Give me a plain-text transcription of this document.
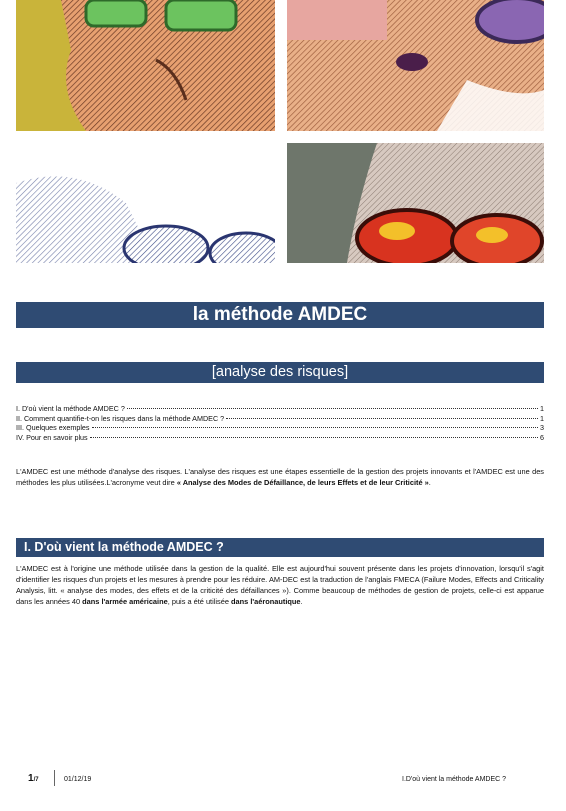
la méthode AMDEC
[analyse des risques]
I. D'où vient la méthode AMDEC ?	1
II. Comment quantifie-t-on les risques dans la méthode AMDEC ?	1
III. Quelques exemples	3
IV. Pour en savoir plus	6
L'AMDEC est une méthode d'analyse des risques. L'analyse des risques est une étapes essentielle de la gestion des projets innovants et l'AMDEC est une des méthodes les plus utilisées.L'acronyme veut dire « Analyse des Modes de Défaillance, de leurs Effets et de leur Criticité ».
I. D'où vient la méthode AMDEC ?
L'AMDEC est à l'origine une méthode utilisée dans la gestion de la qualité. Elle est aujourd'hui souvent présente dans les projets d'innovation, lorsqu'il s'agit d'identifier les risques d'un projets et les mesures à prendre pour les réduire. AM-DEC est la traduction de l'anglais FMECA (Failure Modes, Effects and Criticality Analysis, litt. « analyse des modes, des effets et de la criticité des défaillances »). Comme beaucoup de méthodes de gestion de projets, celle-ci est apparue dans les années 40 dans l'armée américaine, puis a été utilisée dans l'aéronautique.
1/7	01/12/19	I.D'où vient la méthode AMDEC ?
